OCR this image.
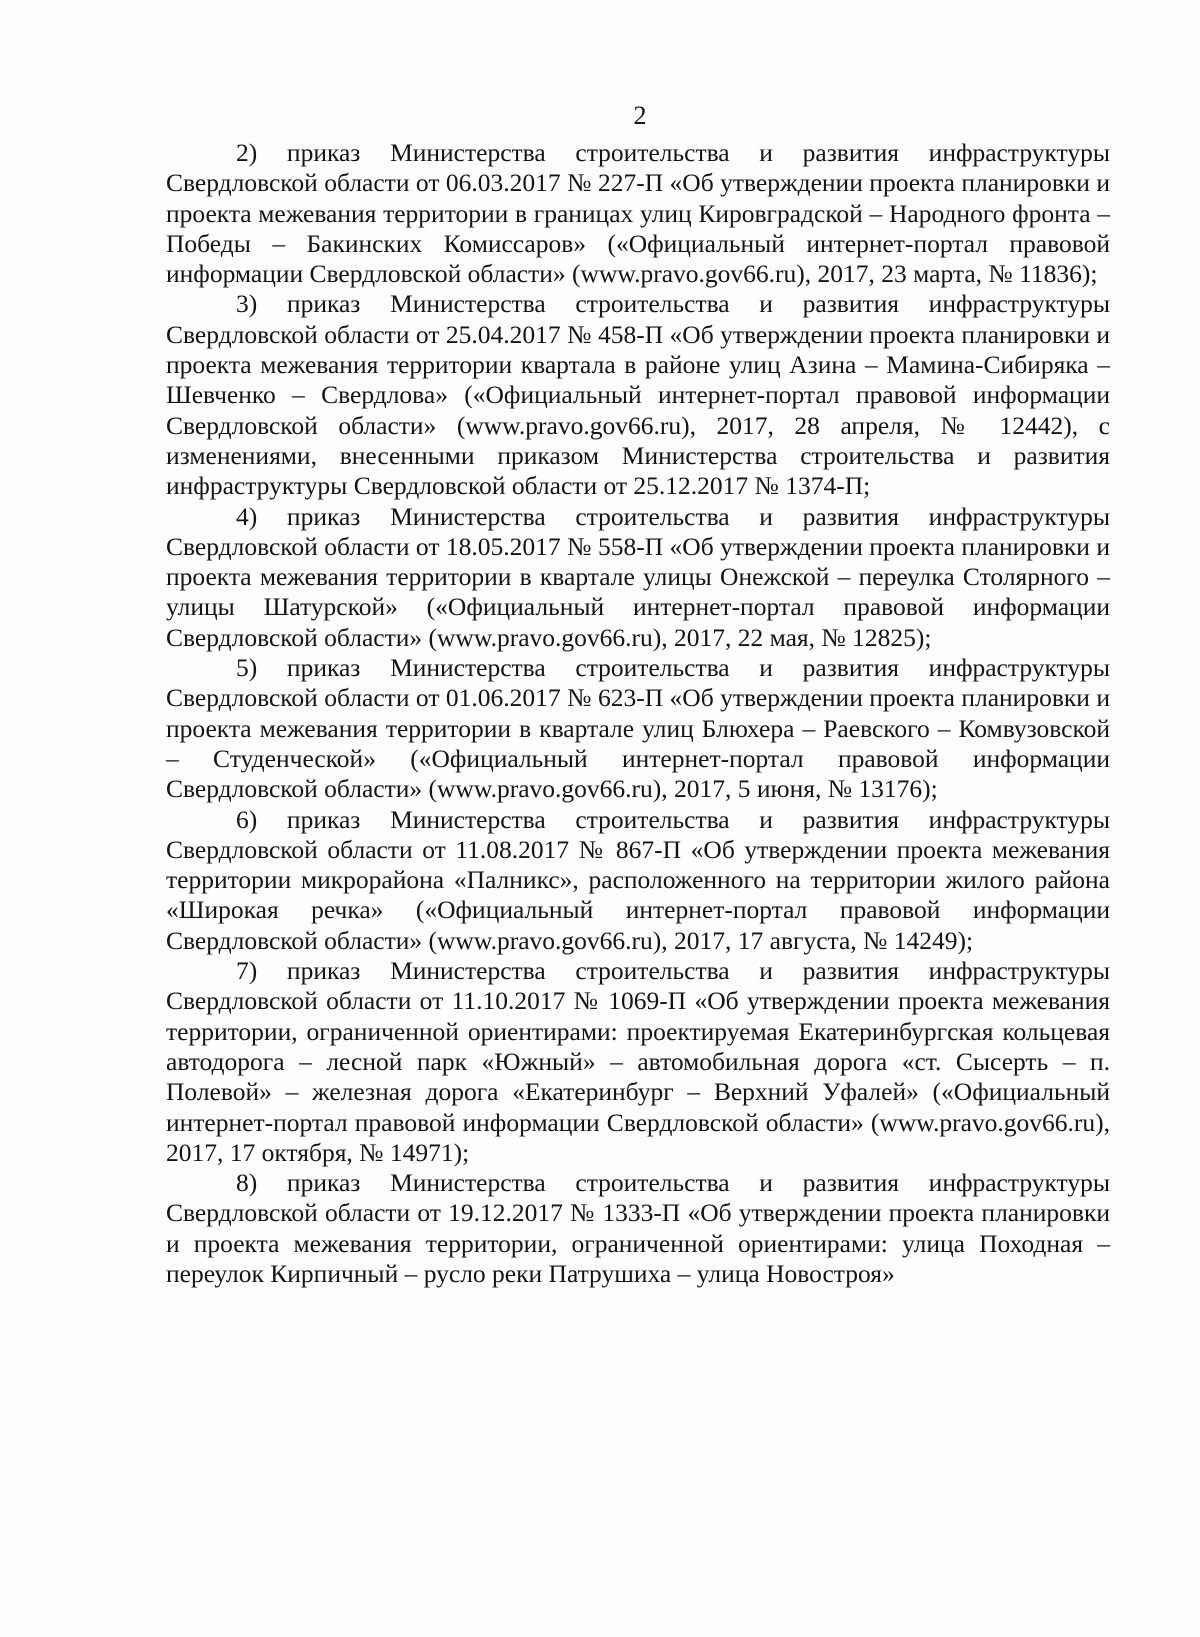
2

2) приказ Министерства строительства и развития инфраструктуры Свердловской области от 06.03.2017 № 227-П «Об утверждении проекта планировки и проекта межевания территории в границах улиц Кировградской – Народного фронта – Победы – Бакинских Комиссаров» («Официальный интернет-портал правовой информации Свердловской области» (www.pravo.gov66.ru), 2017, 23 марта, № 11836);

3) приказ Министерства строительства и развития инфраструктуры Свердловской области от 25.04.2017 № 458-П «Об утверждении проекта планировки и проекта межевания территории квартала в районе улиц Азина – Мамина-Сибиряка – Шевченко – Свердлова» («Официальный интернет-портал правовой информации Свердловской области» (www.pravo.gov66.ru), 2017, 28 апреля, № 12442), с изменениями, внесенными приказом Министерства строительства и развития инфраструктуры Свердловской области от 25.12.2017 № 1374-П;

4) приказ Министерства строительства и развития инфраструктуры Свердловской области от 18.05.2017 № 558-П «Об утверждении проекта планировки и проекта межевания территории в квартале улицы Онежской – переулка Столярного – улицы Шатурской» («Официальный интернет-портал правовой информации Свердловской области» (www.pravo.gov66.ru), 2017, 22 мая, № 12825);

5) приказ Министерства строительства и развития инфраструктуры Свердловской области от 01.06.2017 № 623-П «Об утверждении проекта планировки и проекта межевания территории в квартале улиц Блюхера – Раевского – Комвузовской – Студенческой» («Официальный интернет-портал правовой информации Свердловской области» (www.pravo.gov66.ru), 2017, 5 июня, № 13176);

6) приказ Министерства строительства и развития инфраструктуры Свердловской области от 11.08.2017 № 867-П «Об утверждении проекта межевания территории микрорайона «Палникс», расположенного на территории жилого района «Широкая речка» («Официальный интернет-портал правовой информации Свердловской области» (www.pravo.gov66.ru), 2017, 17 августа, № 14249);

7) приказ Министерства строительства и развития инфраструктуры Свердловской области от 11.10.2017 № 1069-П «Об утверждении проекта межевания территории, ограниченной ориентирами: проектируемая Екатеринбургская кольцевая автодорога – лесной парк «Южный» – автомобильная дорога «ст. Сысерть – п. Полевой» – железная дорога «Екатеринбург – Верхний Уфалей» («Официальный интернет-портал правовой информации Свердловской области» (www.pravo.gov66.ru), 2017, 17 октября, № 14971);

8) приказ Министерства строительства и развития инфраструктуры Свердловской области от 19.12.2017 № 1333-П «Об утверждении проекта планировки и проекта межевания территории, ограниченной ориентирами: улица Походная – переулок Кирпичный – русло реки Патрушиха – улица Новостроя»
